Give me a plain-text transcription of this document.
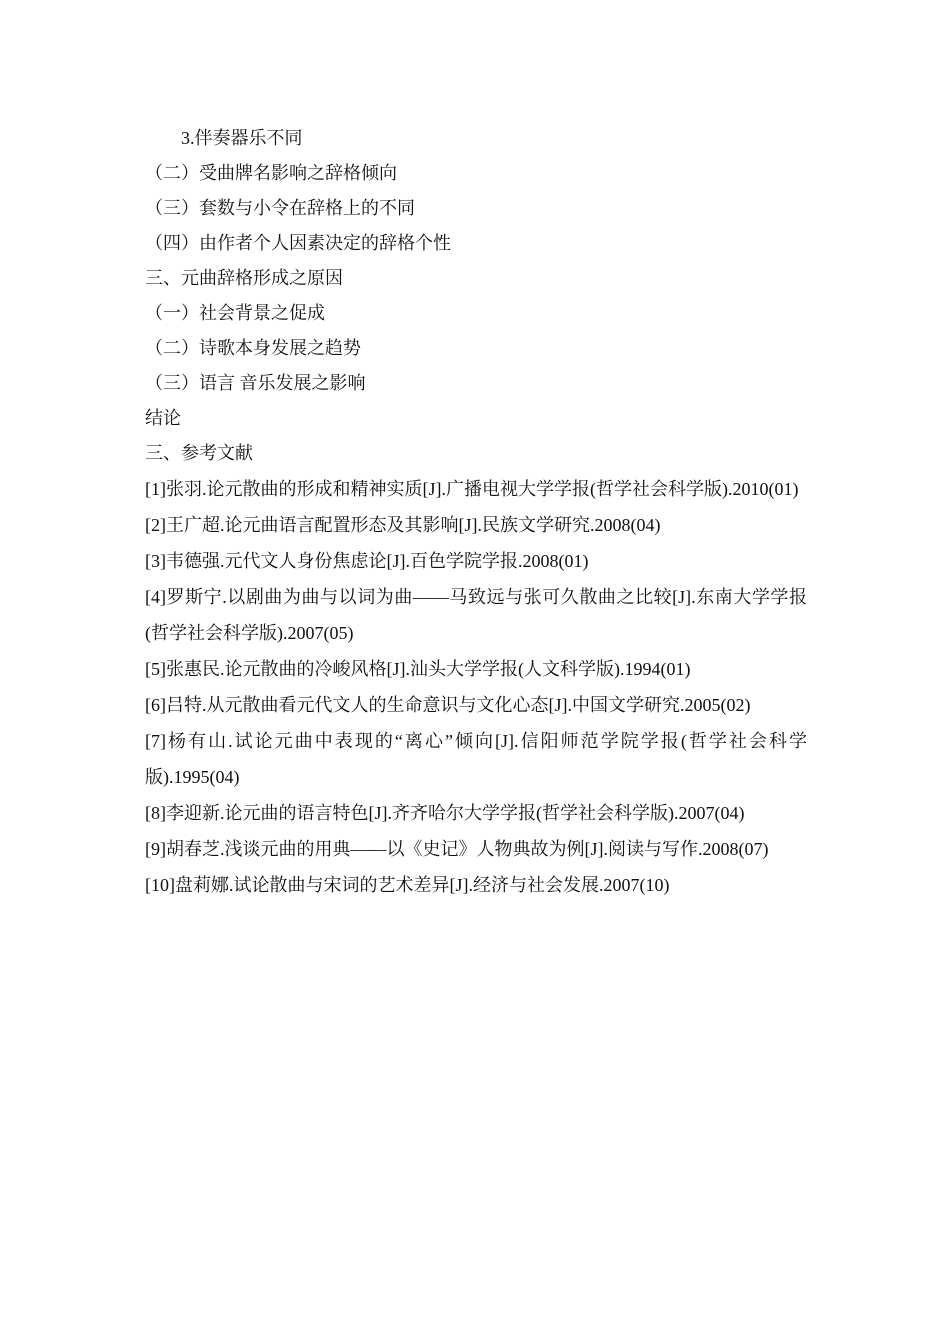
3.伴奏器乐不同
（二）受曲牌名影响之辞格倾向
（三）套数与小令在辞格上的不同
（四）由作者个人因素决定的辞格个性
三、元曲辞格形成之原因
（一）社会背景之促成
（二）诗歌本身发展之趋势
（三）语言 音乐发展之影响
结论
三、参考文献
[1]张羽.论元散曲的形成和精神实质[J].广播电视大学学报(哲学社会科学版).2010(01)
[2]王广超.论元曲语言配置形态及其影响[J].民族文学研究.2008(04)
[3]韦德强.元代文人身份焦虑论[J].百色学院学报.2008(01)
[4]罗斯宁.以剧曲为曲与以词为曲——马致远与张可久散曲之比较[J].东南大学学报(哲学社会科学版).2007(05)
[5]张惠民.论元散曲的冷峻风格[J].汕头大学学报(人文科学版).1994(01)
[6]吕特.从元散曲看元代文人的生命意识与文化心态[J].中国文学研究.2005(02)
[7]杨有山.试论元曲中表现的“离心”倾向[J].信阳师范学院学报(哲学社会科学版).1995(04)
[8]李迎新.论元曲的语言特色[J].齐齐哈尔大学学报(哲学社会科学版).2007(04)
[9]胡春芝.浅谈元曲的用典——以《史记》人物典故为例[J].阅读与写作.2008(07)
[10]盘莉娜.试论散曲与宋词的艺术差异[J].经济与社会发展.2007(10)
